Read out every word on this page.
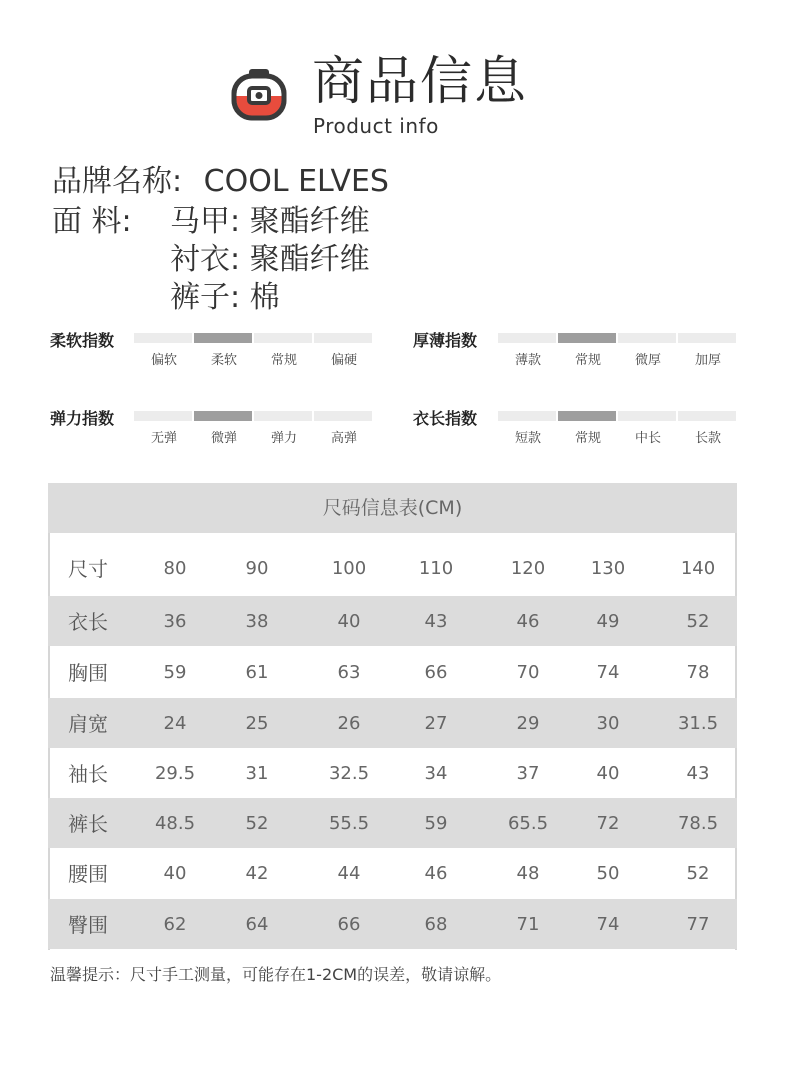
商品信息
Product info
品牌名称: COOL ELVES
面 料: 马甲: 聚酯纤维
衬衣: 聚酯纤维
裤子: 棉
柔软指数
偏软	柔软	常规	偏硬
厚薄指数
薄款	常规	微厚	加厚
弹力指数
无弹	微弹	弹力	高弹
衣长指数
短款	常规	中长	长款
尺码信息表(CM)
尺寸	80	90	100	110	120	130	140
衣长	36	38	40	43	46	49	52
胸围	59	61	63	66	70	74	78
肩宽	24	25	26	27	29	30	31.5
袖长	29.5	31	32.5	34	37	40	43
裤长	48.5	52	55.5	59	65.5	72	78.5
腰围	40	42	44	46	48	50	52
臀围	62	64	66	68	71	74	77
温馨提示：尺寸手工测量，可能存在1-2CM的误差，敬请谅解。
